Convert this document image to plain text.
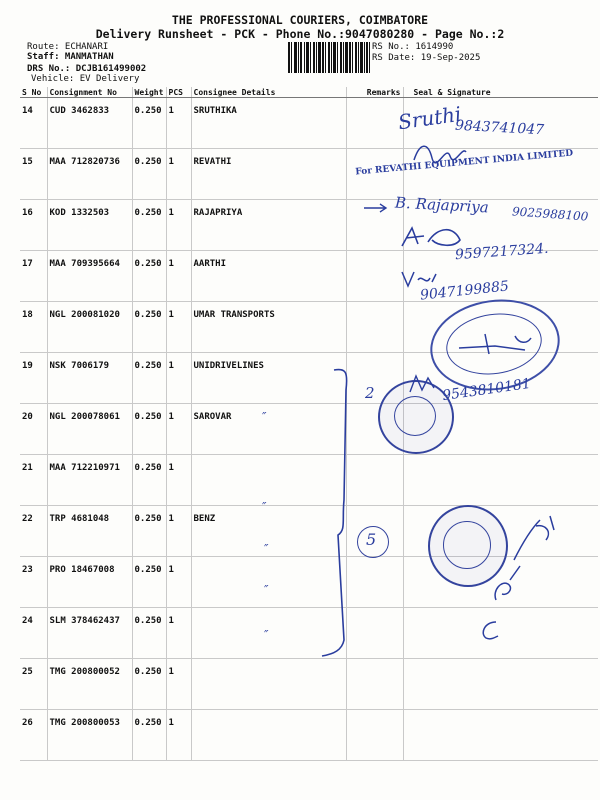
THE PROFESSIONAL COURIERS, COIMBATORE
Delivery Runsheet - PCK - Phone No.:9047080280 - Page No.:2
Route: ECHANARI
Staff: MANMATHAN
DRS No.: DCJB161499002
Vehicle: EV Delivery
RS No.: 1614990
RS Date: 19-Sep-2025
S No	Consignment No	Weight	PCS	Consignee Details	Remarks	Seal & Signature
14	CUD 3462833	0.250	1	SRUTHIKA		
15	MAA 712820736	0.250	1	REVATHI		
16	KOD 1332503	0.250	1	RAJAPRIYA		
17	MAA 709395664	0.250	1	AARTHI		
18	NGL 200081020	0.250	1	UMAR TRANSPORTS		
19	NSK 7006179	0.250	1	UNIDRIVELINES		
20	NGL 200078061	0.250	1	SAROVAR		
21	MAA 712210971	0.250	1			
22	TRP 4681048	0.250	1	BENZ		
23	PRO 18467008	0.250	1			
24	SLM 378462437	0.250	1			
25	TMG 200800052	0.250	1			
26	TMG 200800053	0.250	1			
Sruthi
9843741047
For REVATHI EQUIPMENT INDIA LIMITED
B. Rajapriya 9025988100
9597217324.
9047199885
2	9543810181
5
″
″
″
″
″
